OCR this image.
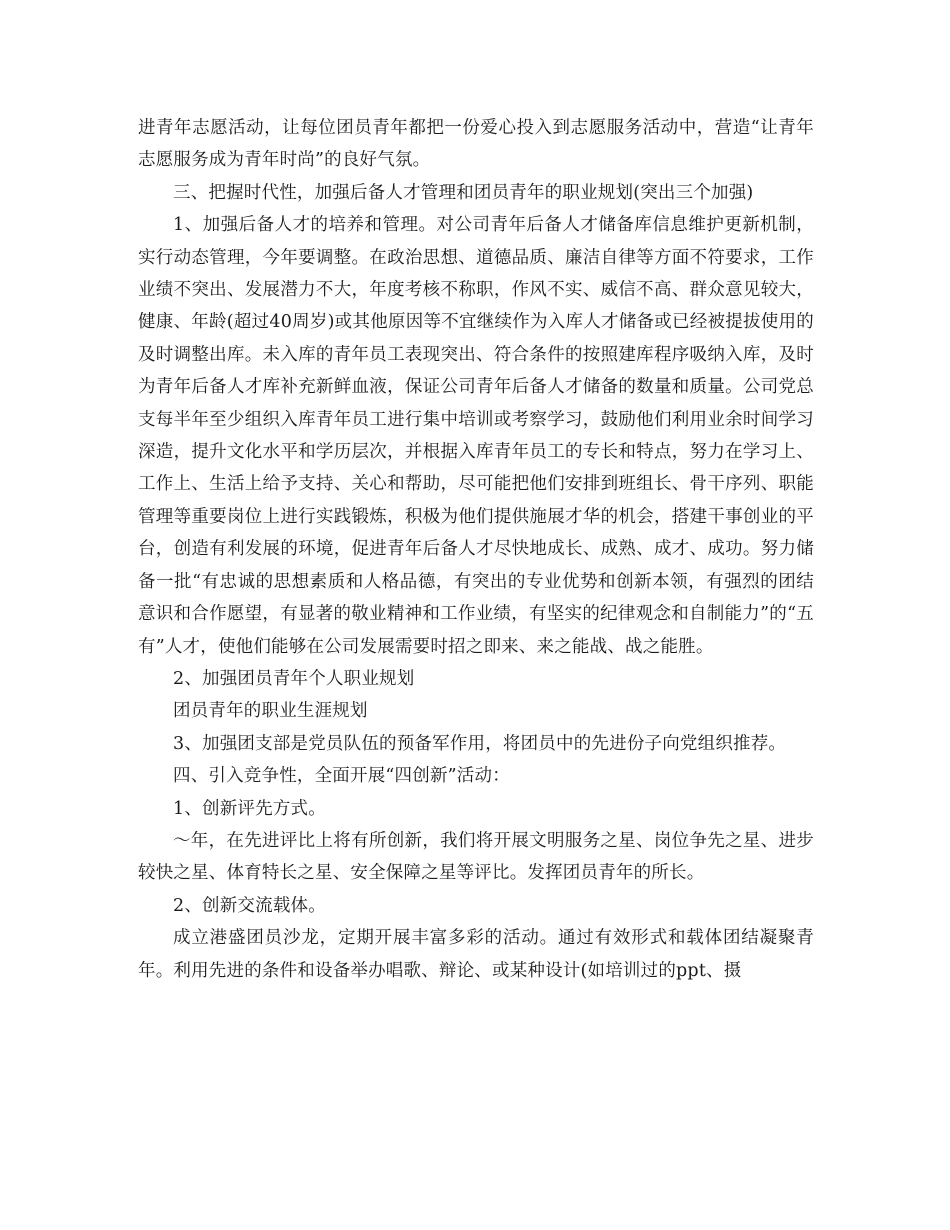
进青年志愿活动，让每位团员青年都把一份爱心投入到志愿服务活动中，营造“让青年志愿服务成为青年时尚”的良好气氛。

三、把握时代性，加强后备人才管理和团员青年的职业规划(突出三个加强)

1、加强后备人才的培养和管理。对公司青年后备人才储备库信息维护更新机制，实行动态管理，今年要调整。在政治思想、道德品质、廉洁自律等方面不符要求，工作业绩不突出、发展潜力不大，年度考核不称职，作风不实、威信不高、群众意见较大，健康、年龄(超过40周岁)或其他原因等不宜继续作为入库人才储备或已经被提拔使用的及时调整出库。未入库的青年员工表现突出、符合条件的按照建库程序吸纳入库，及时为青年后备人才库补充新鲜血液，保证公司青年后备人才储备的数量和质量。公司党总支每半年至少组织入库青年员工进行集中培训或考察学习，鼓励他们利用业余时间学习深造，提升文化水平和学历层次，并根据入库青年员工的专长和特点，努力在学习上、工作上、生活上给予支持、关心和帮助，尽可能把他们安排到班组长、骨干序列、职能管理等重要岗位上进行实践锻炼，积极为他们提供施展才华的机会，搭建干事创业的平台，创造有利发展的环境，促进青年后备人才尽快地成长、成熟、成才、成功。努力储备一批“有忠诚的思想素质和人格品德，有突出的专业优势和创新本领，有强烈的团结意识和合作愿望，有显著的敬业精神和工作业绩，有坚实的纪律观念和自制能力”的“五有”人才，使他们能够在公司发展需要时招之即来、来之能战、战之能胜。

2、加强团员青年个人职业规划

团员青年的职业生涯规划

3、加强团支部是党员队伍的预备军作用，将团员中的先进份子向党组织推荐。

四、引入竞争性，全面开展“四创新”活动：

1、创新评先方式。

～年，在先进评比上将有所创新，我们将开展文明服务之星、岗位争先之星、进步较快之星、体育特长之星、安全保障之星等评比。发挥团员青年的所长。

2、创新交流载体。

成立港盛团员沙龙，定期开展丰富多彩的活动。通过有效形式和载体团结凝聚青年。利用先进的条件和设备举办唱歌、辩论、或某种设计(如培训过的ppt、摄
